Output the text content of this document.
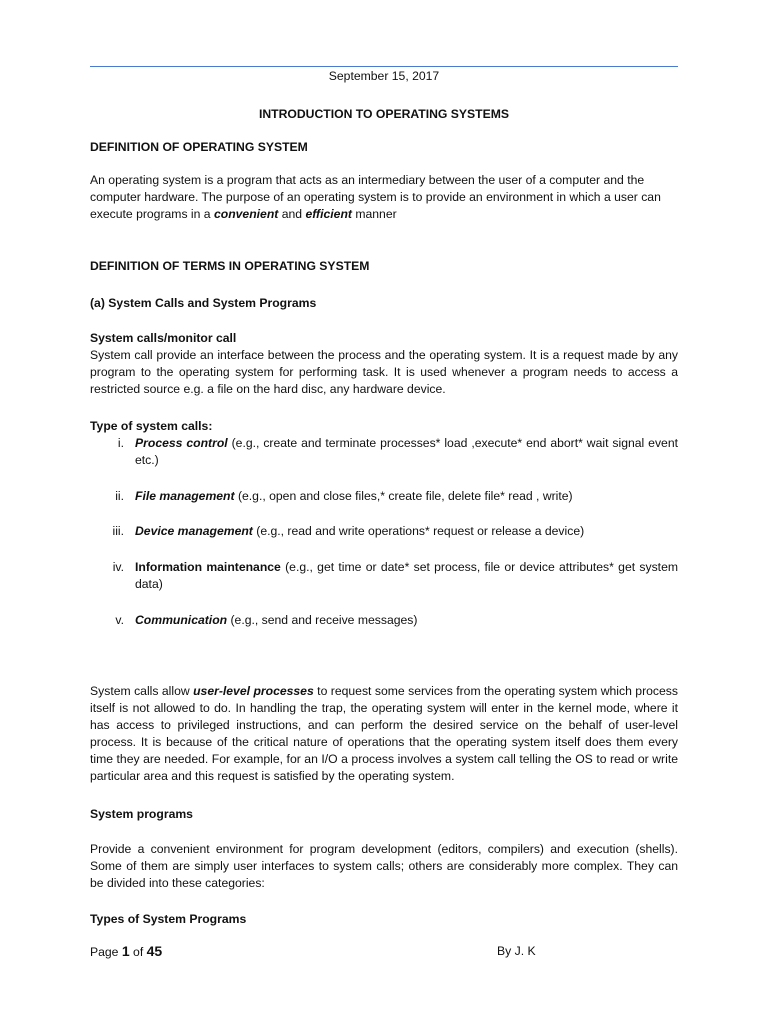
September 15, 2017
INTRODUCTION TO OPERATING SYSTEMS
DEFINITION OF OPERATING SYSTEM
An operating system is a program that acts as an intermediary between the user of a computer and the computer hardware. The purpose of an operating system is to provide an environment in which a user can execute programs in a convenient and efficient manner
DEFINITION OF TERMS IN OPERATING SYSTEM
(a) System Calls and System Programs
System calls/monitor call
System call provide an interface between the process and the operating system. It is a request made by any program to the operating system for performing task. It is used whenever a program needs to access a restricted source e.g. a file on the hard disc, any hardware device.
Type of system calls:
i. Process control (e.g., create and terminate processes* load ,execute* end abort* wait signal event etc.)
ii. File management (e.g., open and close files,* create file, delete file* read , write)
iii. Device management (e.g., read and write operations* request or release a device)
iv. Information maintenance (e.g., get time or date* set process, file or device attributes* get system data)
v. Communication (e.g., send and receive messages)
System calls allow user-level processes to request some services from the operating system which process itself is not allowed to do. In handling the trap, the operating system will enter in the kernel mode, where it has access to privileged instructions, and can perform the desired service on the behalf of user-level process. It is because of the critical nature of operations that the operating system itself does them every time they are needed. For example, for an I/O a process involves a system call telling the OS to read or write particular area and this request is satisfied by the operating system.
System programs
Provide a convenient environment for program development (editors, compilers) and execution (shells). Some of them are simply user interfaces to system calls; others are considerably more complex. They can be divided into these categories:
Types of System Programs
Page 1 of 45	By J. K
